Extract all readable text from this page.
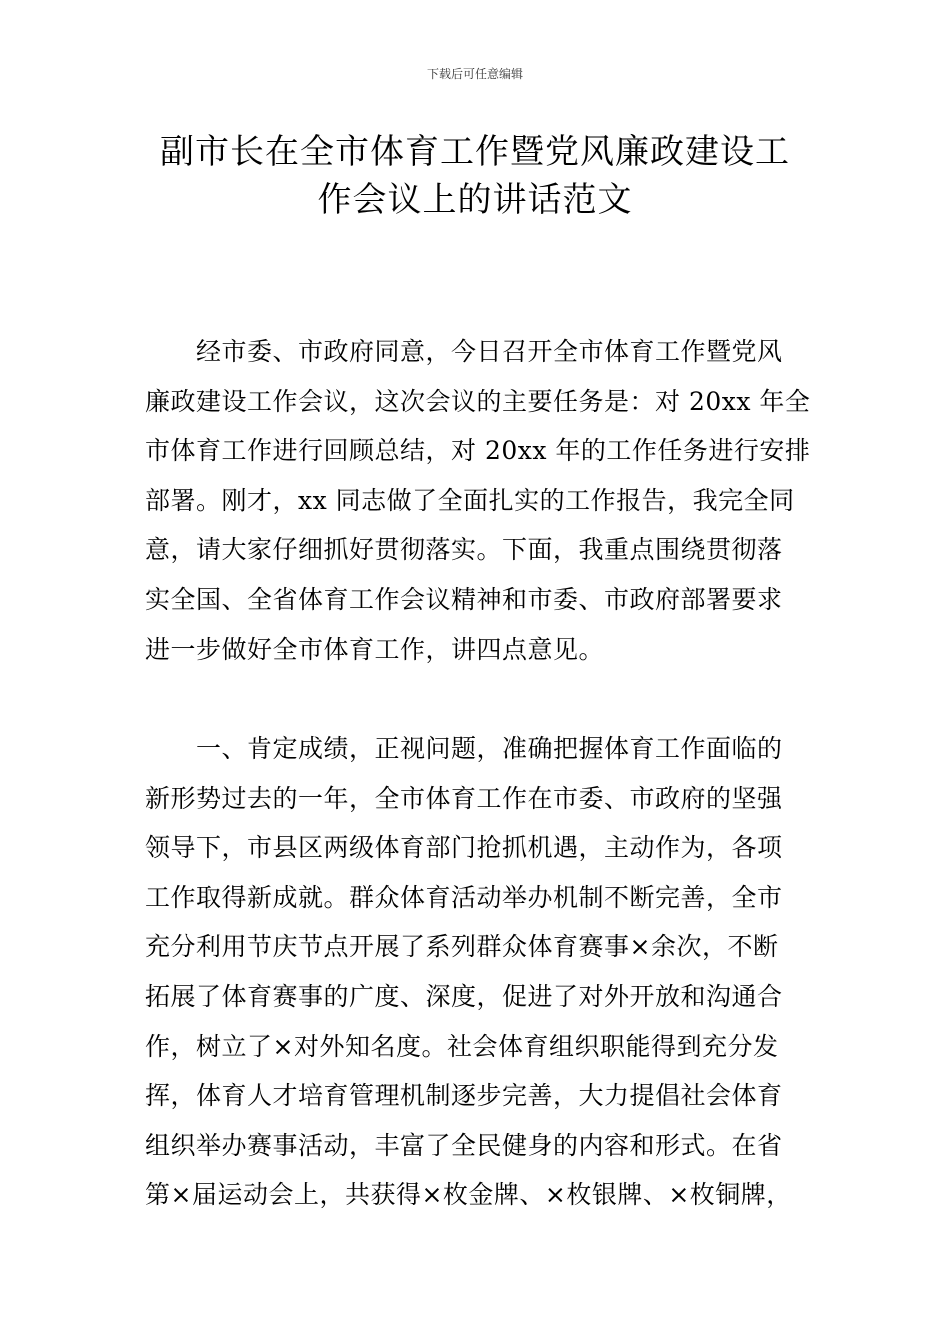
下载后可任意编辑
副市长在全市体育工作暨党风廉政建设工
作会议上的讲话范文
　　经市委、市政府同意，今日召开全市体育工作暨党风
廉政建设工作会议，这次会议的主要任务是：对 20xx 年全
市体育工作进行回顾总结，对 20xx 年的工作任务进行安排
部署。刚才，xx 同志做了全面扎实的工作报告，我完全同
意，请大家仔细抓好贯彻落实。下面，我重点围绕贯彻落
实全国、全省体育工作会议精神和市委、市政府部署要求
进一步做好全市体育工作，讲四点意见。
　　一、肯定成绩，正视问题，准确把握体育工作面临的
新形势过去的一年，全市体育工作在市委、市政府的坚强
领导下，市县区两级体育部门抢抓机遇，主动作为，各项
工作取得新成就。群众体育活动举办机制不断完善，全市
充分利用节庆节点开展了系列群众体育赛事×余次，不断
拓展了体育赛事的广度、深度，促进了对外开放和沟通合
作，树立了×对外知名度。社会体育组织职能得到充分发
挥，体育人才培育管理机制逐步完善，大力提倡社会体育
组织举办赛事活动，丰富了全民健身的内容和形式。在省
第×届运动会上，共获得×枚金牌、×枚银牌、×枚铜牌，
